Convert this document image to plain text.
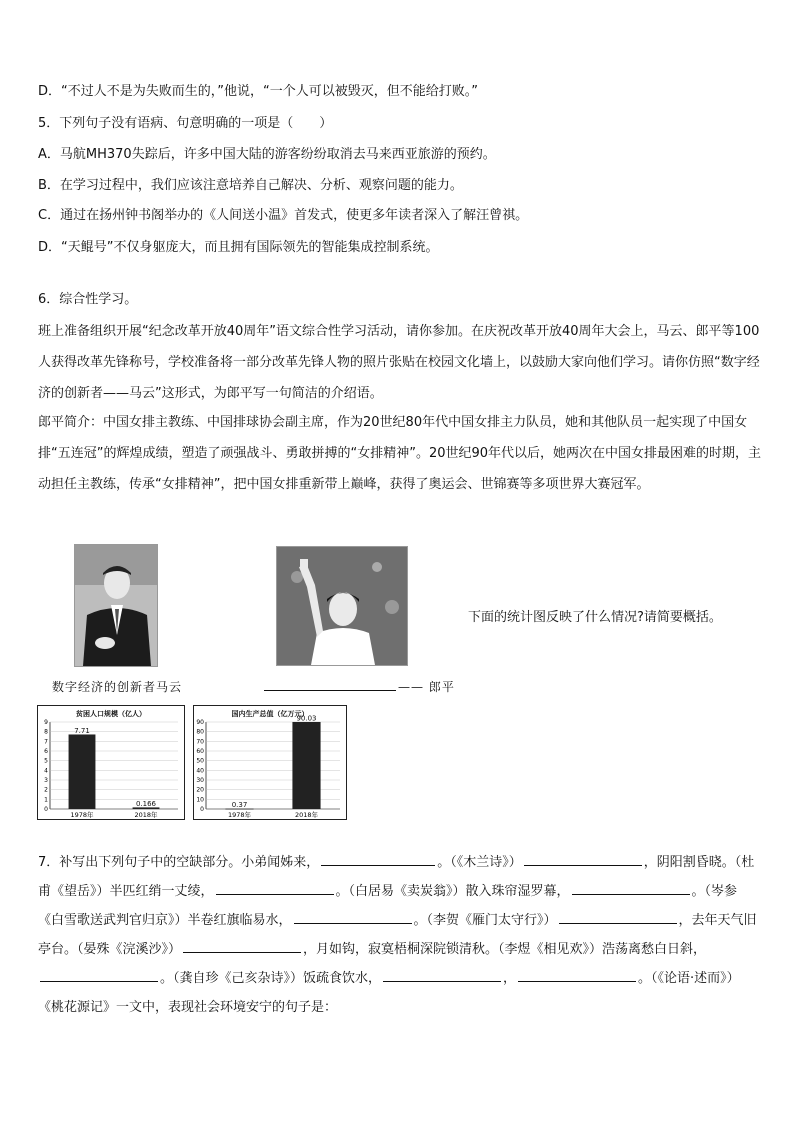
D．“不过人不是为失败而生的，”他说，“一个人可以被毁灭，但不能给打败。”
5．下列句子没有语病、句意明确的一项是（　　）
A．马航MH370失踪后，许多中国大陆的游客纷纷取消去马来西亚旅游的预约。
B．在学习过程中，我们应该注意培养自己解决、分析、观察问题的能力。
C．通过在扬州钟书阁举办的《人间送小温》首发式，使更多年读者深入了解汪曾祺。
D．“天鲲号”不仅身躯庞大，而且拥有国际领先的智能集成控制系统。
6．综合性学习。
班上准备组织开展“纪念改革开放40周年”语文综合性学习活动，请你参加。在庆祝改革开放40周年大会上，马云、郎平等100人获得改革先锋称号，学校准备将一部分改革先锋人物的照片张贴在校园文化墙上，以鼓励大家向他们学习。请你仿照“数字经济的创新者——马云”这形式，为郎平写一句简洁的介绍语。
郎平简介：中国女排主教练、中国排球协会副主席，作为20世纪80年代中国女排主力队员，她和其他队员一起实现了中国女排“五连冠”的辉煌成绩，塑造了顽强战斗、勇敢拼搏的“女排精神”。20世纪90年代以后，她两次在中国女排最困难的时期，主动担任主教练，传承“女排精神”，把中国女排重新带上巅峰，获得了奥运会、世锦赛等多项世界大赛冠军。
数字经济的创新者马云	—— 郎平
下面的统计图反映了什么情况?请简要概括。
贫困人口规模（亿人）
0
1
2
3
4
5
6
7
8
9
7.71
1978年
0.166
2018年
国内生产总值（亿万元）
0
10
20
30
40
50
60
70
80
90
0.37
1978年
90.03
2018年
7．补写出下列句子中的空缺部分。小弟闻姊来，	。（《木兰诗》）	，阴阳割昏晓。（杜甫《望岳》）半匹红绡一丈绫，	。（白居易《卖炭翁》）散入珠帘湿罗幕，	。（岑参《白雪歌送武判官归京》）半卷红旗临易水，	。（李贺《雁门太守行》）	，去年天气旧亭台。（晏殊《浣溪沙》）	，月如钩，寂寞梧桐深院锁清秋。（李煜《相见欢》）浩荡离愁白日斜，。（龚自珍《己亥杂诗》）饭疏食饮水，	，	。（《论语·述而》）《桃花源记》一文中，表现社会环境安宁的句子是：
